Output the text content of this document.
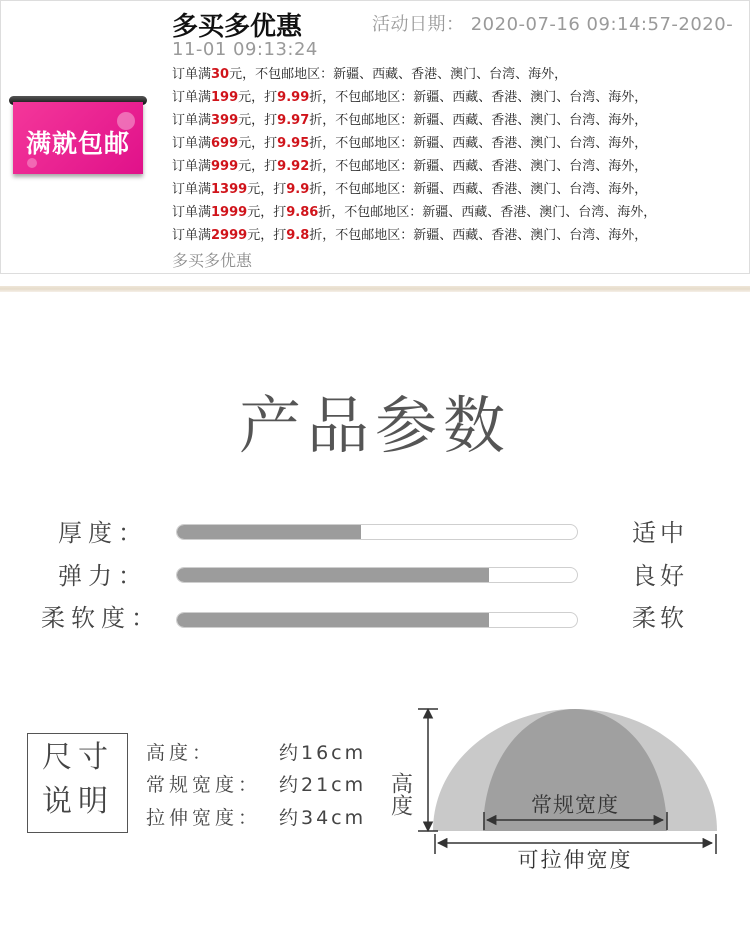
满就包邮
多买多优惠	活动日期： 2020-07-16 09:14:57-2020-11-01 09:13:24
订单满30元，不包邮地区：新疆、西藏、香港、澳门、台湾、海外，
订单满199元，打9.99折，不包邮地区：新疆、西藏、香港、澳门、台湾、海外，
订单满399元，打9.97折，不包邮地区：新疆、西藏、香港、澳门、台湾、海外，
订单满699元，打9.95折，不包邮地区：新疆、西藏、香港、澳门、台湾、海外，
订单满999元，打9.92折，不包邮地区：新疆、西藏、香港、澳门、台湾、海外，
订单满1399元，打9.9折，不包邮地区：新疆、西藏、香港、澳门、台湾、海外，
订单满1999元，打9.86折，不包邮地区：新疆、西藏、香港、澳门、台湾、海外，
订单满2999元，打9.8折，不包邮地区：新疆、西藏、香港、澳门、台湾、海外，
多买多优惠
产品参数
厚度：	适中
弹力：	良好
柔软度：	柔软
尺寸
说明
高度：	约16cm
常规宽度： 约21cm
拉伸宽度： 约34cm
高度	常规宽度
可拉伸宽度
